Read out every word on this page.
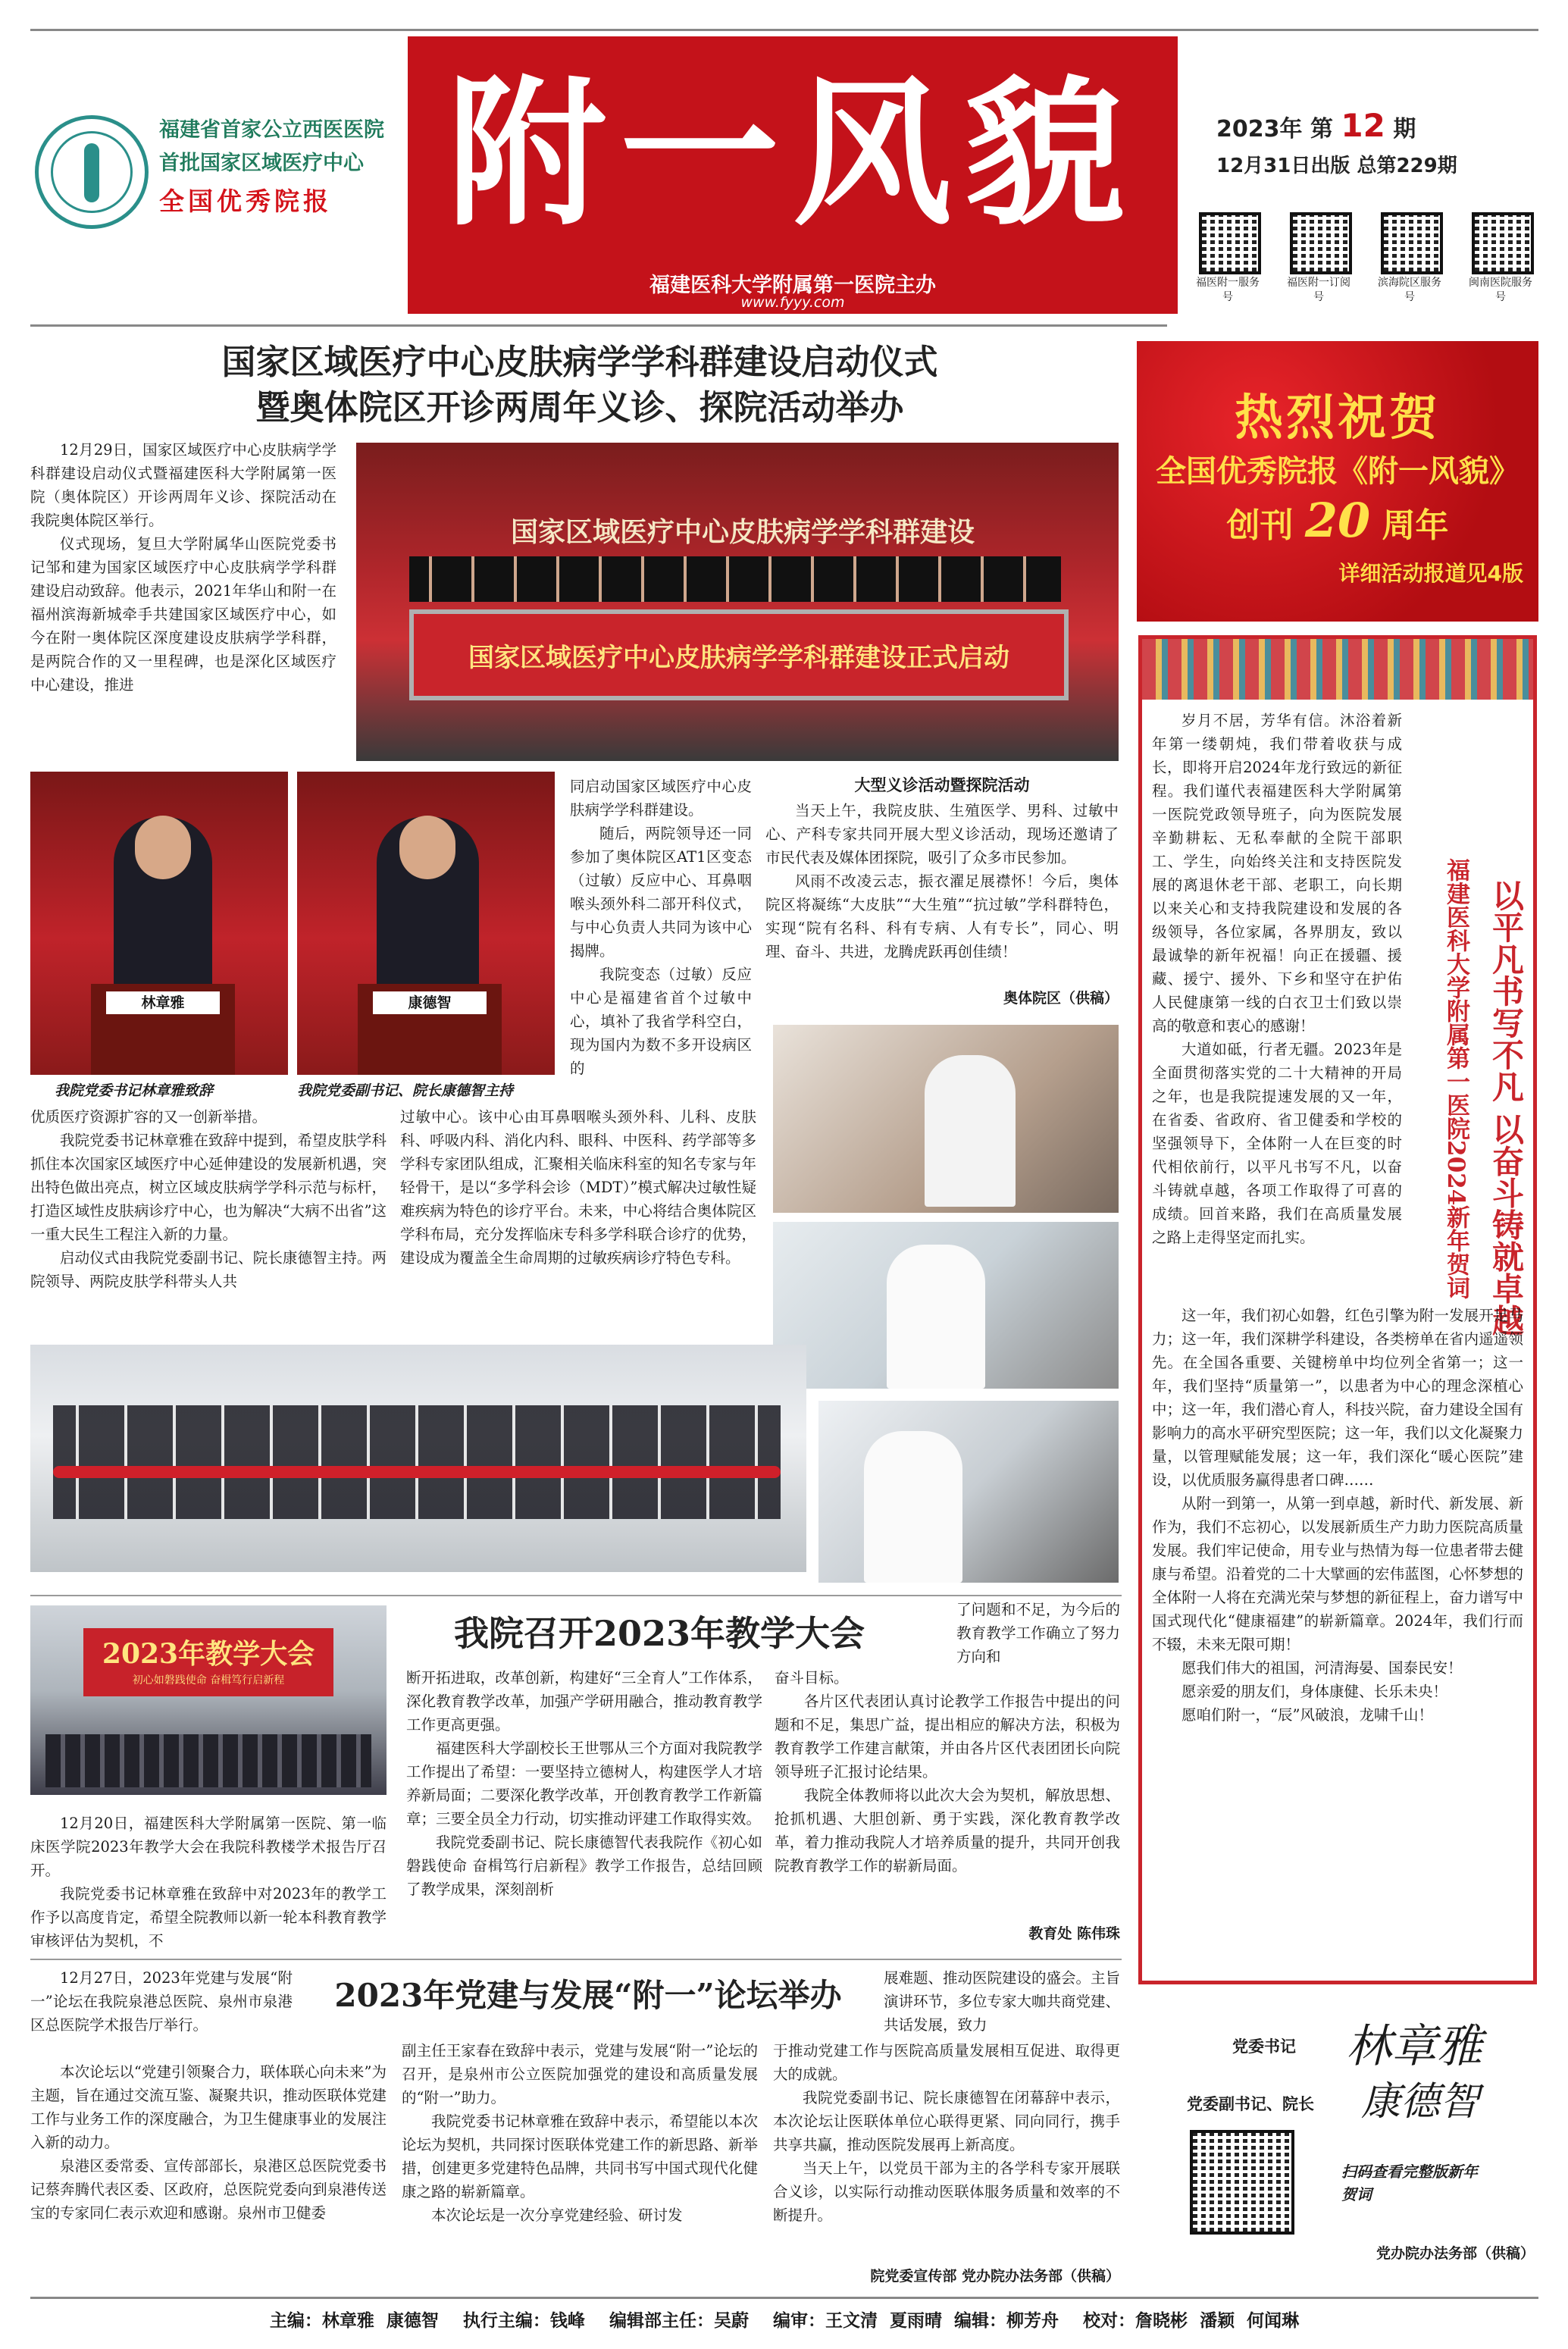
福建省首家公立西医医院
首批国家区域医疗中心
全国优秀院报 附一风貌
福建医科大学附属第一医院主办
www.fyyy.com
2023年 第 12 期
12月31日出版 总第229期
福医附一服务号
福医附一订阅号
滨海院区服务号
闽南医院服务号
热烈祝贺
全国优秀院报《附一风貌》
创刊 20 周年
详细活动报道见4版
国家区域医疗中心皮肤病学学科群建设启动仪式
暨奥体院区开诊两周年义诊、探院活动举办

12月29日，国家区域医疗中心皮肤病学学科群建设启动仪式暨福建医科大学附属第一医院（奥体院区）开诊两周年义诊、探院活动在我院奥体院区举行。

仪式现场，复旦大学附属华山医院党委书记邹和建为国家区域医疗中心皮肤病学学科群建设启动致辞。他表示，2021年华山和附一在福州滨海新城牵手共建国家区域医疗中心，如今在附一奥体院区深度建设皮肤病学学科群，是两院合作的又一里程碑，也是深化区域医疗中心建设，推进

国家区域医疗中心皮肤病学学科群建设
国家区域医疗中心皮肤病学学科群建设正式启动
林章雅	康德智
我院党委书记林章雅致辞	我院党委副书记、院长康德智主持

同启动国家区域医疗中心皮肤病学学科群建设。

随后，两院领导还一同参加了奥体院区AT1区变态（过敏）反应中心、耳鼻咽喉头颈外科二部开科仪式，与中心负责人共同为该中心揭牌。

我院变态（过敏）反应中心是福建省首个过敏中心，填补了我省学科空白，现为国内为数不多开设病区的

优质医疗资源扩容的又一创新举措。

我院党委书记林章雅在致辞中提到，希望皮肤学科抓住本次国家区域医疗中心延伸建设的发展新机遇，突出特色做出亮点，树立区域皮肤病学学科示范与标杆，打造区域性皮肤病诊疗中心，也为解决“大病不出省”这一重大民生工程注入新的力量。

启动仪式由我院党委副书记、院长康德智主持。两院领导、两院皮肤学科带头人共

过敏中心。该中心由耳鼻咽喉头颈外科、儿科、皮肤科、呼吸内科、消化内科、眼科、中医科、药学部等多学科专家团队组成，汇聚相关临床科室的知名专家与年轻骨干，是以“多学科会诊（MDT）”模式解决过敏性疑难疾病为特色的诊疗平台。未来，中心将结合奥体院区学科布局，充分发挥临床专科多学科联合诊疗的优势，建设成为覆盖全生命周期的过敏疾病诊疗特色专科。

大型义诊活动暨探院活动

当天上午，我院皮肤、生殖医学、男科、过敏中心、产科专家共同开展大型义诊活动，现场还邀请了市民代表及媒体团探院，吸引了众多市民参加。

风雨不改凌云志，振衣濯足展襟怀！今后，奥体院区将凝练“大皮肤”“大生殖”“抗过敏”学科群特色，实现“院有名科、科有专病、人有专长”，同心、明理、奋斗、共进，龙腾虎跃再创佳绩！

奥体院区（供稿）

岁月不居，芳华有信。沐浴着新年第一缕朝炖，我们带着收获与成长，即将开启2024年龙行致远的新征程。我们谨代表福建医科大学附属第一医院党政领导班子，向为医院发展辛勤耕耘、无私奉献的全院干部职工、学生，向始终关注和支持医院发展的离退休老干部、老职工，向长期以来关心和支持我院建设和发展的各级领导，各位家属，各界朋友，致以最诚挚的新年祝福！向正在援疆、援藏、援宁、援外、下乡和坚守在护佑人民健康第一线的白衣卫士们致以崇高的敬意和衷心的感谢！

大道如砥，行者无疆。2023年是全面贯彻落实党的二十大精神的开局之年，也是我院提速发展的又一年，在省委、省政府、省卫健委和学校的坚强领导下，全体附一人在巨变的时代相依前行，以平凡书写不凡，以奋斗铸就卓越，各项工作取得了可喜的成绩。回首来路，我们在高质量发展之路上走得坚定而扎实。	以平凡书写不凡 以奋斗铸就卓越
福建医科大学附属第一医院2024新年贺词

这一年，我们初心如磐，红色引擎为附一发展开足马力；这一年，我们深耕学科建设，各类榜单在省内遥遥领先。在全国各重要、关键榜单中均位列全省第一；这一年，我们坚持“质量第一”，以患者为中心的理念深植心中；这一年，我们潜心育人，科技兴院，奋力建设全国有影响力的高水平研究型医院；这一年，我们以文化凝聚力量，以管理赋能发展；这一年，我们深化“暖心医院”建设，以优质服务赢得患者口碑……

从附一到第一，从第一到卓越，新时代、新发展、新作为，我们不忘初心，以发展新质生产力助力医院高质量发展。我们牢记使命，用专业与热情为每一位患者带去健康与希望。沿着党的二十大擘画的宏伟蓝图，心怀梦想的全体附一人将在充满光荣与梦想的新征程上，奋力谱写中国式现代化“健康福建”的崭新篇章。2024年，我们行而不辍，未来无限可期！

愿我们伟大的祖国，河清海晏、国泰民安！

愿亲爱的朋友们，身体康健、长乐未央！

愿咱们附一，“辰”风破浪，龙啸千山！

党委书记 林章雅
党委副书记、院长 康德智
扫码查看完整版新年贺词
党办院办法务部（供稿）
2023年教学大会
初心如磐践使命 奋楫笃行启新程
我院召开2023年教学大会

了问题和不足，为今后的教育教学工作确立了努力方向和

12月20日，福建医科大学附属第一医院、第一临床医学院2023年教学大会在我院科教楼学术报告厅召开。

我院党委书记林章雅在致辞中对2023年的教学工作予以高度肯定，希望全院教师以新一轮本科教育教学审核评估为契机，不

断开拓进取，改革创新，构建好“三全育人”工作体系，深化教育教学改革，加强产学研用融合，推动教育教学工作更高更强。

福建医科大学副校长王世鄂从三个方面对我院教学工作提出了希望：一要坚持立德树人，构建医学人才培养新局面；二要深化教学改革，开创教育教学工作新篇章；三要全员全力行动，切实推动评建工作取得实效。

我院党委副书记、院长康德智代表我院作《初心如磐践使命 奋楫笃行启新程》教学工作报告，总结回顾了教学成果，深刻剖析

奋斗目标。

各片区代表团认真讨论教学工作报告中提出的问题和不足，集思广益，提出相应的解决方法，积极为教育教学工作建言献策，并由各片区代表团团长向院领导班子汇报讨论结果。

我院全体教师将以此次大会为契机，解放思想、抢抓机遇、大胆创新、勇于实践，深化教育教学改革，着力推动我院人才培养质量的提升，共同开创我院教育教学工作的崭新局面。

教育处 陈伟珠

12月27日，2023年党建与发展“附一”论坛在我院泉港总医院、泉州市泉港区总医院学术报告厅举行。

2023年党建与发展“附一”论坛举办	展难题、推动医院建设的盛会。主旨演讲环节，多位专家大咖共商党建、共话发展，致力

本次论坛以“党建引领聚合力，联体联心向未来”为主题，旨在通过交流互鉴、凝聚共识，推动医联体党建工作与业务工作的深度融合，为卫生健康事业的发展注入新的动力。

泉港区委常委、宣传部部长，泉港区总医院党委书记蔡奔腾代表区委、区政府，总医院党委向到泉港传送宝的专家同仁表示欢迎和感谢。泉州市卫健委

副主任王家春在致辞中表示，党建与发展“附一”论坛的召开，是泉州市公立医院加强党的建设和高质量发展的“附一”助力。

我院党委书记林章雅在致辞中表示，希望能以本次论坛为契机，共同探讨医联体党建工作的新思路、新举措，创建更多党建特色品牌，共同书写中国式现代化健康之路的崭新篇章。

本次论坛是一次分享党建经验、研讨发

于推动党建工作与医院高质量发展相互促进、取得更大的成就。

我院党委副书记、院长康德智在闭幕辞中表示，本次论坛让医联体单位心联得更紧、同向同行，携手共享共赢，推动医院发展再上新高度。

当天上午，以党员干部为主的各学科专家开展联合义诊，以实际行动推动医联体服务质量和效率的不断提升。

院党委宣传部 党办院办法务部（供稿）
主编：林章雅  康德智    执行主编：钱峰    编辑部主任：吴蔚    编审：王文清  夏雨晴  编辑：柳芳舟    校对：詹晓彬  潘颖  何闻琳
